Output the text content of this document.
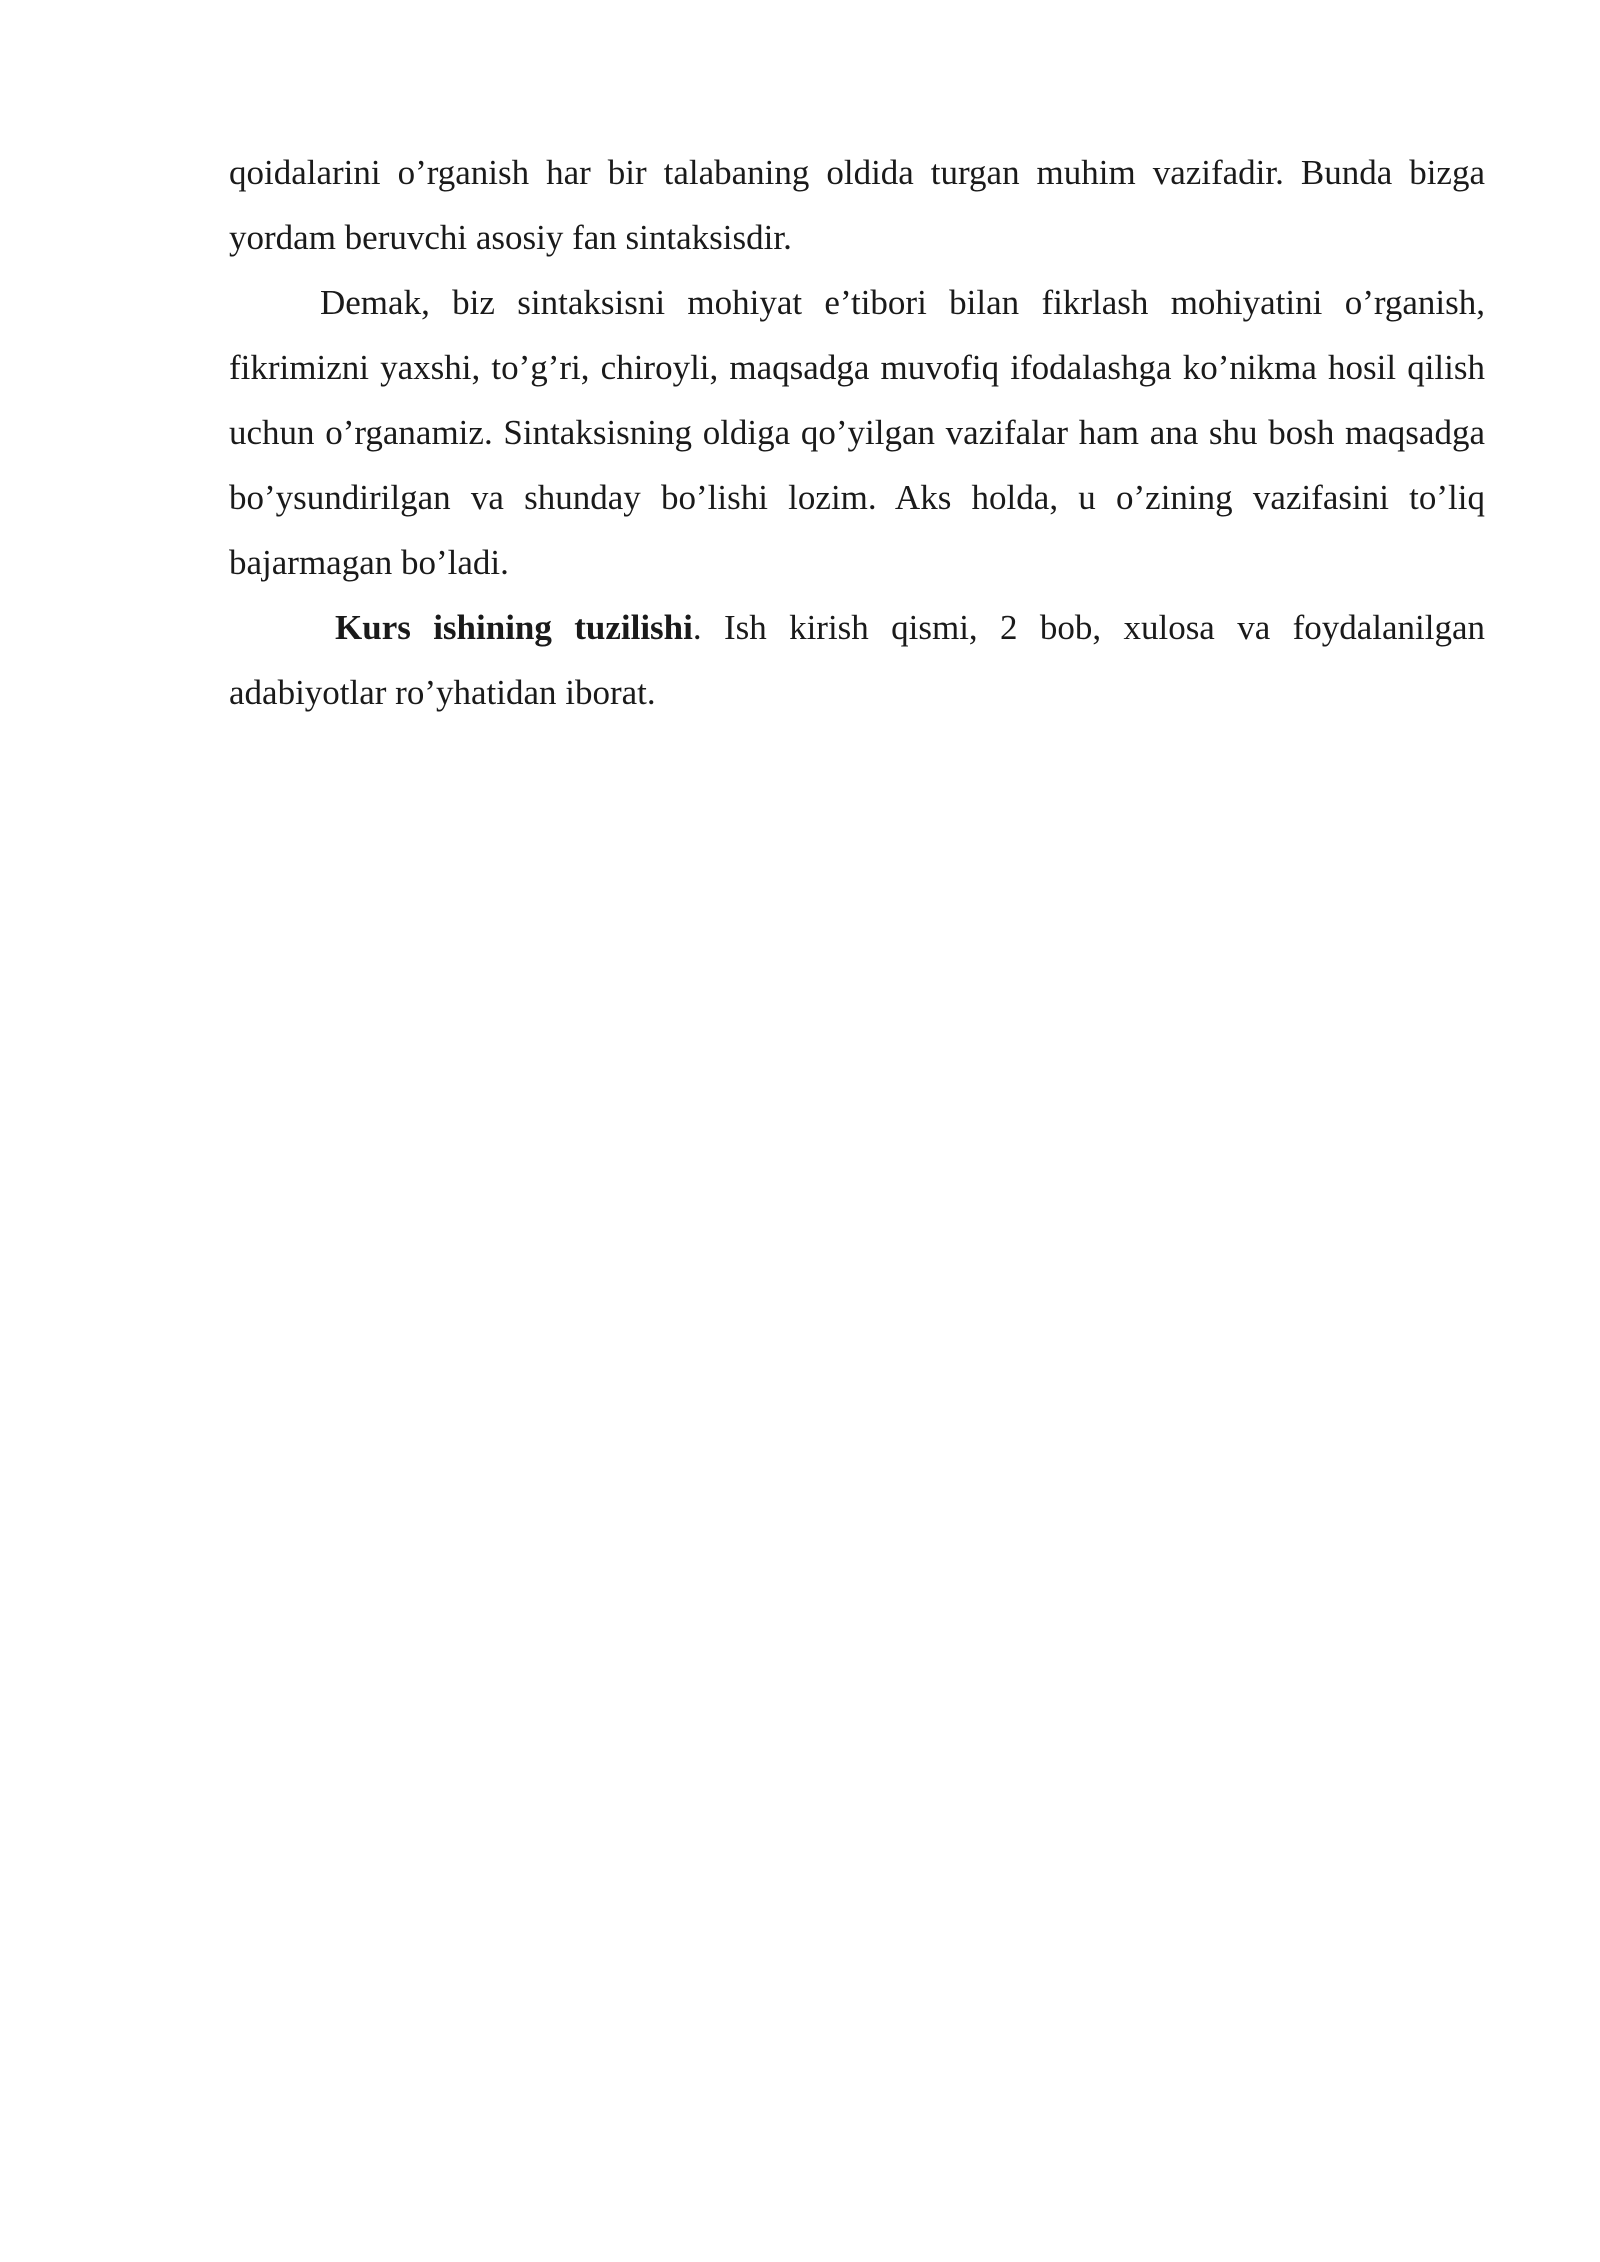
qoidalarini o’rganish har bir talabaning oldida turgan muhim vazifadir. Bunda bizga yordam beruvchi asosiy fan sintaksisdir.

Demak, biz sintaksisni mohiyat e’tibori bilan fikrlash mohiyatini o’rganish, fikrimizni yaxshi, to’g’ri, chiroyli, maqsadga muvofiq ifodalashga ko’nikma hosil qilish uchun o’rganamiz. Sintaksisning oldiga qo’yilgan vazifalar ham ana shu bosh maqsadga bo’ysundirilgan va shunday bo’lishi lozim. Aks holda, u o’zining vazifasini to’liq bajarmagan bo’ladi.

Kurs ishining tuzilishi. Ish kirish qismi, 2 bob, xulosa va foydalanilgan adabiyotlar ro’yhatidan iborat.
